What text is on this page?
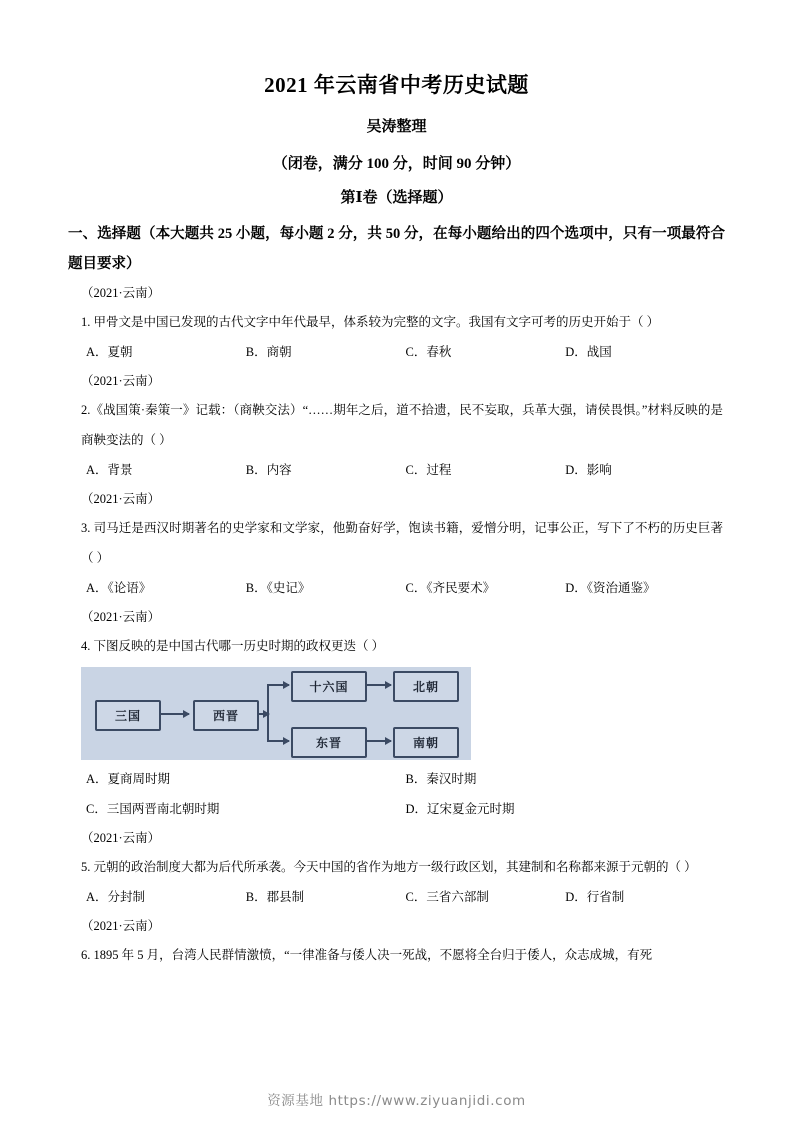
2021 年云南省中考历史试题
吴涛整理
（闭卷，满分 100 分，时间 90 分钟）
第Ⅰ卷（选择题）
一、选择题（本大题共 25 小题，每小题 2 分，共 50 分，在每小题给出的四个选项中，只有一项最符合题目要求）
（2021·云南）
1. 甲骨文是中国已发现的古代文字中年代最早，体系较为完整的文字。我国有文字可考的历史开始于（ ）
A．夏朝	B．商朝	C．春秋	D．战国
（2021·云南）
2.《战国策·秦策一》记载：（商鞅交法）“……期年之后，道不拾遗，民不妄取，兵革大强，请侯畏惧。”材料反映的是商鞅变法的（ ）
A．背景	B．内容	C．过程	D．影响
（2021·云南）
3. 司马迁是西汉时期著名的史学家和文学家，他勤奋好学，饱读书籍，爱憎分明，记事公正，写下了不朽的历史巨著（ ）
A．《论语》	B．《史记》	C．《齐民要术》	D．《资治通鉴》
（2021·云南）
4. 下图反映的是中国古代哪一历史时期的政权更迭（ ）
三国	西晋
十六国
东晋
北朝
南朝
A．夏商周时期	B．秦汉时期
C．三国两晋南北朝时期	D．辽宋夏金元时期
（2021·云南）
5. 元朝的政治制度大都为后代所承袭。今天中国的省作为地方一级行政区划，其建制和名称都来源于元朝的（ ）
A．分封制	B．郡县制	C．三省六部制	D．行省制
（2021·云南）
6. 1895 年 5 月，台湾人民群情激愤，“一律准备与倭人决一死战，不愿将全台归于倭人，众志成城，有死
资源基地 https://www.ziyuanjidi.com
